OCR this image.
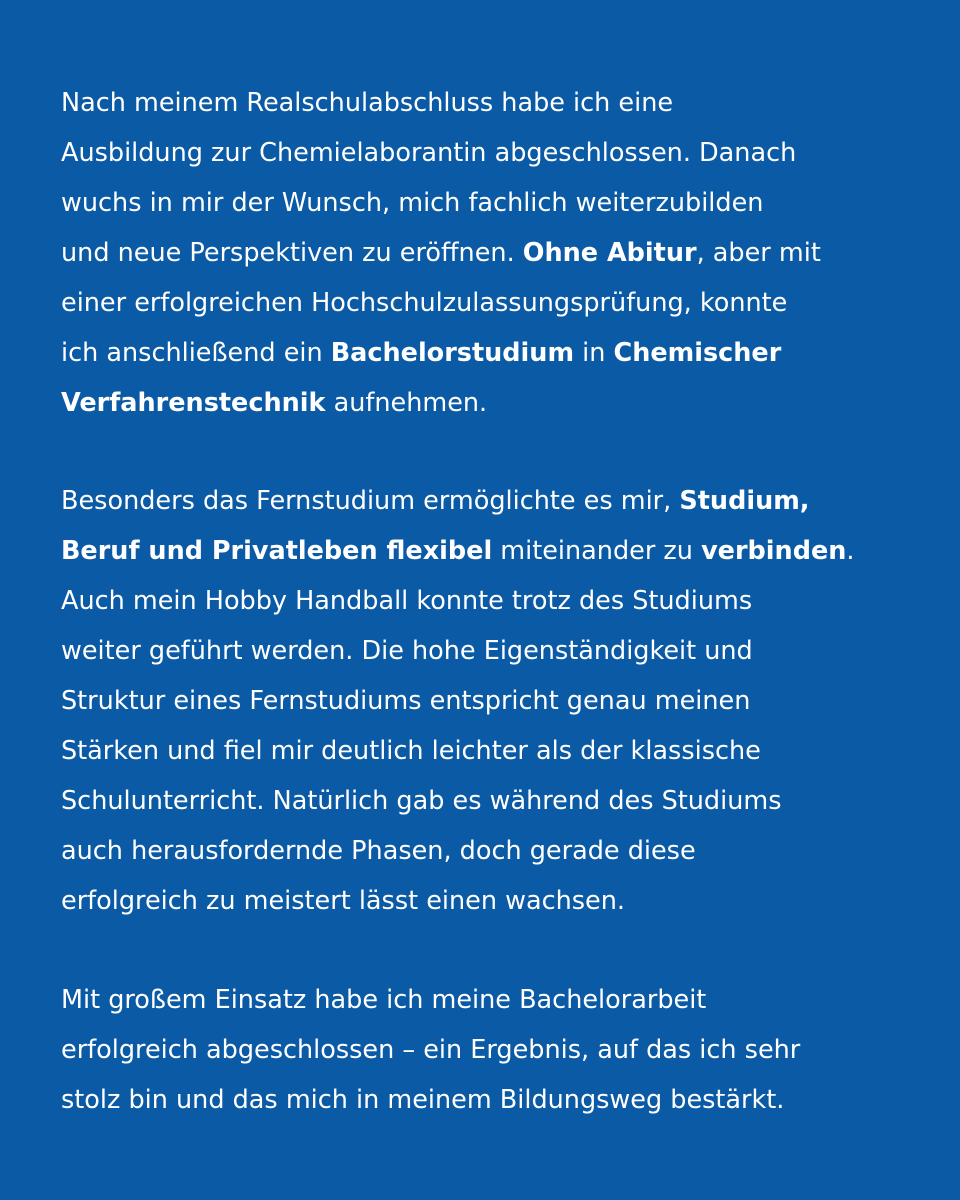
Nach meinem Realschulabschluss habe ich eine
Ausbildung zur Chemielaborantin abgeschlossen. Danach
wuchs in mir der Wunsch, mich fachlich weiterzubilden
und neue Perspektiven zu eröffnen. Ohne Abitur, aber mit
einer erfolgreichen Hochschulzulassungsprüfung, konnte
ich anschließend ein Bachelorstudium in Chemischer
Verfahrenstechnik aufnehmen.

Besonders das Fernstudium ermöglichte es mir, Studium,
Beruf und Privatleben flexibel miteinander zu verbinden.
Auch mein Hobby Handball konnte trotz des Studiums
weiter geführt werden. Die hohe Eigenständigkeit und
Struktur eines Fernstudiums entspricht genau meinen
Stärken und fiel mir deutlich leichter als der klassische
Schulunterricht. Natürlich gab es während des Studiums
auch herausfordernde Phasen, doch gerade diese
erfolgreich zu meistert lässt einen wachsen.

Mit großem Einsatz habe ich meine Bachelorarbeit
erfolgreich abgeschlossen – ein Ergebnis, auf das ich sehr
stolz bin und das mich in meinem Bildungsweg bestärkt.
